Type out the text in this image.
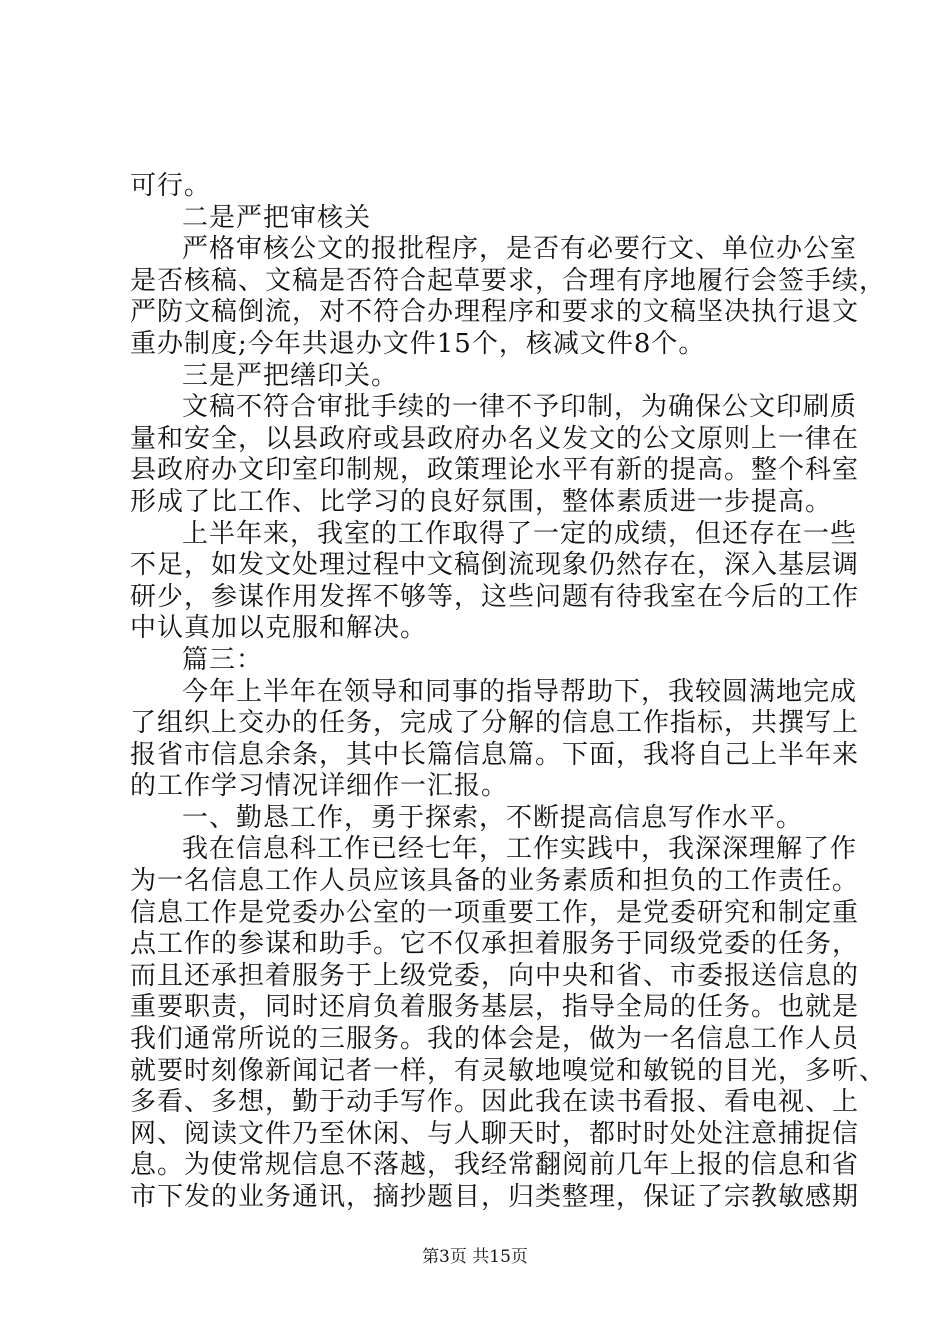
可行。
二是严把审核关
严格审核公文的报批程序，是否有必要行文、单位办公室
是否核稿、文稿是否符合起草要求，合理有序地履行会签手续，
严防文稿倒流，对不符合办理程序和要求的文稿坚决执行退文
重办制度;今年共退办文件15个，核减文件8个。
三是严把缮印关。
文稿不符合审批手续的一律不予印制，为确保公文印刷质
量和安全，以县政府或县政府办名义发文的公文原则上一律在
县政府办文印室印制规，政策理论水平有新的提高。整个科室
形成了比工作、比学习的良好氛围，整体素质进一步提高。
上半年来，我室的工作取得了一定的成绩，但还存在一些
不足，如发文处理过程中文稿倒流现象仍然存在，深入基层调
研少，参谋作用发挥不够等，这些问题有待我室在今后的工作
中认真加以克服和解决。
篇三：
今年上半年在领导和同事的指导帮助下，我较圆满地完成
了组织上交办的任务，完成了分解的信息工作指标，共撰写上
报省市信息余条，其中长篇信息篇。下面，我将自己上半年来
的工作学习情况详细作一汇报。
一、勤恳工作，勇于探索，不断提高信息写作水平。
我在信息科工作已经七年，工作实践中，我深深理解了作
为一名信息工作人员应该具备的业务素质和担负的工作责任。
信息工作是党委办公室的一项重要工作，是党委研究和制定重
点工作的参谋和助手。它不仅承担着服务于同级党委的任务，
而且还承担着服务于上级党委，向中央和省、市委报送信息的
重要职责，同时还肩负着服务基层，指导全局的任务。也就是
我们通常所说的三服务。我的体会是，做为一名信息工作人员
就要时刻像新闻记者一样，有灵敏地嗅觉和敏锐的目光，多听、
多看、多想，勤于动手写作。因此我在读书看报、看电视、上
网、阅读文件乃至休闲、与人聊天时，都时时处处注意捕捉信
息。为使常规信息不落越，我经常翻阅前几年上报的信息和省
市下发的业务通讯，摘抄题目，归类整理，保证了宗教敏感期
第3页 共15页
